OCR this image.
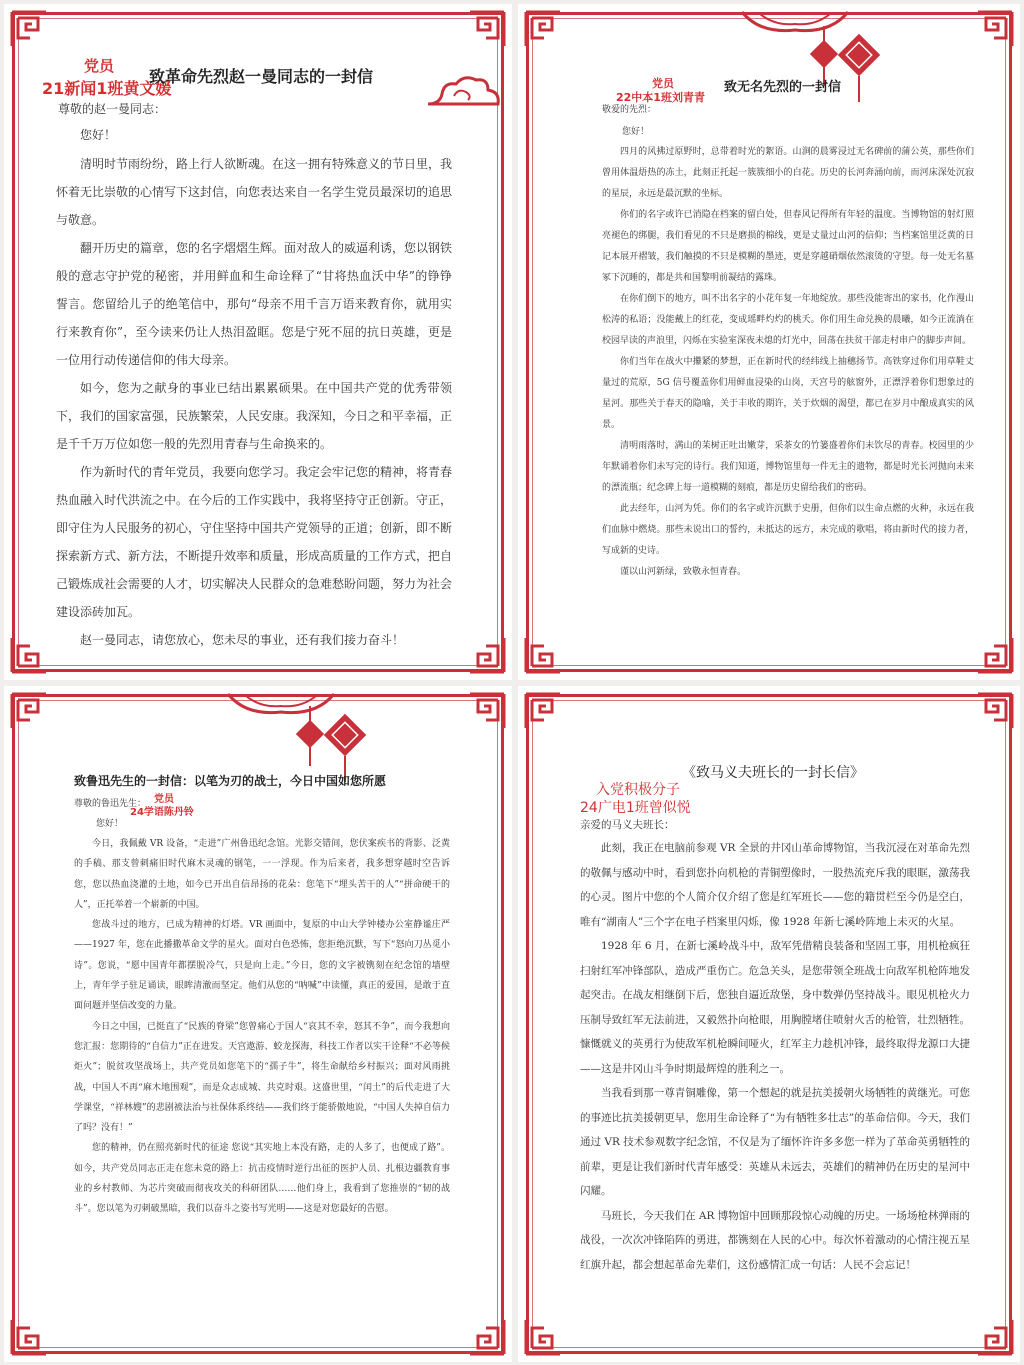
党员
21新闻1班黄文媛
致革命先烈赵一曼同志的一封信
尊敬的赵一曼同志：
您好！

清明时节雨纷纷，路上行人欲断魂。在这一拥有特殊意义的节日里，我怀着无比崇敬的心情写下这封信，向您表达来自一名学生党员最深切的追思与敬意。

翻开历史的篇章，您的名字熠熠生辉。面对敌人的威逼利诱，您以钢铁般的意志守护党的秘密，并用鲜血和生命诠释了“甘将热血沃中华”的铮铮誓言。您留给儿子的绝笔信中，那句“母亲不用千言万语来教育你，就用实行来教育你”，至今读来仍让人热泪盈眶。您是宁死不屈的抗日英雄，更是一位用行动传递信仰的伟大母亲。

如今，您为之献身的事业已结出累累硕果。在中国共产党的优秀带领下，我们的国家富强，民族繁荣，人民安康。我深知，今日之和平幸福，正是千千万万位如您一般的先烈用青春与生命换来的。

作为新时代的青年党员，我要向您学习。我定会牢记您的精神，将青春热血融入时代洪流之中。在今后的工作实践中，我将坚持守正创新。守正，即守住为人民服务的初心，守住坚持中国共产党领导的正道；创新，即不断探索新方式、新方法，不断提升效率和质量，形成高质量的工作方式，把自己锻炼成社会需要的人才，切实解决人民群众的急难愁盼问题，努力为社会建设添砖加瓦。

赵一曼同志，请您放心，您未尽的事业，还有我们接力奋斗！

党员
22中本1班刘青青
致无名先烈的一封信
敬爱的先烈：
您好！

四月的风拂过原野时，总带着时光的絮语。山涧的晨雾浸过无名碑前的蒲公英，那些你们曾用体温焐热的冻土，此刻正托起一簇簇细小的白花。历史的长河奔涌向前，而河床深处沉寂的星辰，永远是最沉默的坐标。

你们的名字或许已消隐在档案的留白处，但春风记得所有年轻的温度。当博物馆的射灯照亮褪色的绑腿，我们看见的不只是磨损的棉线，更是丈量过山河的信仰；当档案馆里泛黄的日记本展开褶皱，我们触摸的不只是模糊的墨迹，更是穿越硝烟依然滚烫的守望。每一处无名墓冢下沉睡的，都是共和国黎明前凝结的露珠。

在你们倒下的地方，叫不出名字的小花年复一年地绽放。那些没能寄出的家书，化作漫山松涛的私语；没能戴上的红花，变成瑶畔灼灼的桃夭。你们用生命兑换的晨曦，如今正流淌在校园早读的声浪里，闪烁在实验室深夜未熄的灯光中，回荡在扶贫干部走村串户的脚步声间。

你们当年在战火中攥紧的梦想，正在新时代的经纬线上抽穗扬节。高铁穿过你们用草鞋丈量过的荒原，5G 信号覆盖你们用鲜血浸染的山岗，天宫号的舷窗外，正漂浮着你们想象过的星河。那些关于春天的隐喻，关于丰收的期许，关于炊烟的渴望，都已在岁月中酿成真实的风景。

清明雨落时，满山的苿树正吐出嫩芽，采茶女的竹篓盛着你们未饮尽的青春。校园里的少年默诵着你们未写完的诗行。我们知道，博物馆里每一件无主的遗物，都是时光长河抛向未来的漂流瓶；纪念碑上每一道模糊的刻痕，都是历史留给我们的密码。

此去经年，山河为凭。你们的名字或许沉默于史册，但你们以生命点燃的火种，永远在我们血脉中燃烧。那些未说出口的誓约，未抵达的远方，未完成的歌唱，将由新时代的接力者，写成新的史诗。

谨以山河新绿，致敬永恒青春。

致鲁迅先生的一封信：以笔为刃的战士，今日中国如您所愿
尊敬的鲁迅先生： 党员
24学语陈丹铃
您好！

今日，我佩戴 VR 设备，“走进”广州鲁迅纪念馆。光影交错间，您伏案疾书的背影、泛黄的手稿、那支曾刺痛旧时代麻木灵魂的钢笔，一一浮现。作为后来者，我多想穿越时空告诉您，您以热血浇灌的土地，如今已开出自信昂扬的花朵：您笔下“埋头苦干的人”“拼命硬干的人”，正托举着一个崭新的中国。

您战斗过的地方，已成为精神的灯塔。VR 画面中，复原的中山大学钟楼办公室静谧庄严——1927 年，您在此播撒革命文学的星火。面对白色恐怖，您拒绝沉默，写下“怒向刀丛觅小诗”。您说，“愿中国青年都摆脱冷气，只是向上走。”今日，您的文字被镌刻在纪念馆的墙壁上，青年学子驻足诵读，眼眸清澈而坚定。他们从您的“呐喊”中读懂，真正的爱国，是敢于直面问题并坚信改变的力量。

今日之中国，已挺直了“民族的脊梁”您曾痛心于国人“哀其不幸，怒其不争”，而今我想向您汇报：您期待的“自信力”正在进发。天宫遨游、蛟龙探海，科技工作者以实干诠释“不必等候炬火”；脱贫攻坚战场上，共产党员如您笔下的“孺子牛”，将生命献给乡村振兴；面对风雨挑战，中国人不再“麻木地围观”，而是众志成城、共克时艰。这盛世里，“闰土”的后代走进了大学课堂，“祥林嫂”的悲剧被法治与社保体系终结——我们终于能骄傲地说，“中国人失掉自信力了吗？没有！”

您的精神，仍在照亮新时代的征途 您说“其实地上本没有路，走的人多了，也便成了路”。如今，共产党员同志正走在您未竟的路上：抗击疫情时逆行出征的医护人员、扎根边疆教育事业的乡村教师、为芯片突破而彻夜攻关的科研团队……他们身上，我看到了您推崇的“韧的战斗”。您以笔为刃刺破黑暗，我们以奋斗之姿书写光明——这是对您最好的告慰。

《致马义夫班长的一封长信》
入党积极分子
24广电1班曾似悦
亲爱的马义夫班长：

此刻，我正在电脑前参观 VR 全景的井冈山革命博物馆，当我沉浸在对革命先烈的敬佩与感动中时，看到您扑向机枪的青铜塑像时，一股热流充斥我的眼眶，激荡我的心灵。图片中您的个人简介仅介绍了您是红军班长——您的籍贯栏至今仍是空白，唯有“湖南人”三个字在电子档案里闪烁，像 1928 年新七溪岭阵地上未灭的火星。

1928 年 6 月，在新七溪岭战斗中，敌军凭借精良装备和坚固工事，用机枪疯狂扫射红军冲锋部队，造成严重伤亡。危急关头，是您带领全班战士向敌军机枪阵地发起突击。在战友相继倒下后，您独自逼近敌堡，身中数弹仍坚持战斗。眼见机枪火力压制导致红军无法前进，又毅然扑向枪眼，用胸膛堵住喷射火舌的枪管，壮烈牺牲。慷慨就义的英勇行为使敌军机枪瞬间哑火，红军主力趁机冲锋，最终取得龙源口大捷——这是井冈山斗争时期最辉煌的胜利之一。

当我看到那一尊青铜雕像，第一个想起的就是抗美援朝火场牺牲的黄继光。可您的事迹比抗美援朝更早，您用生命诠释了“为有牺牲多壮志”的革命信仰。今天，我们通过 VR 技术参观数字纪念馆，不仅是为了缅怀许许多多您一样为了革命英勇牺牲的前辈，更是让我们新时代青年感受：英雄从未远去，英雄们的精神仍在历史的星河中闪耀。

马班长，今天我们在 AR 博物馆中回顾那段惊心动魄的历史。一场场枪林弹雨的战役，一次次冲锋陷阵的勇进，都镌刻在人民的心中。每次怀着激动的心情注视五星红旗升起，都会想起革命先辈们，这份感情汇成一句话：人民不会忘记！
